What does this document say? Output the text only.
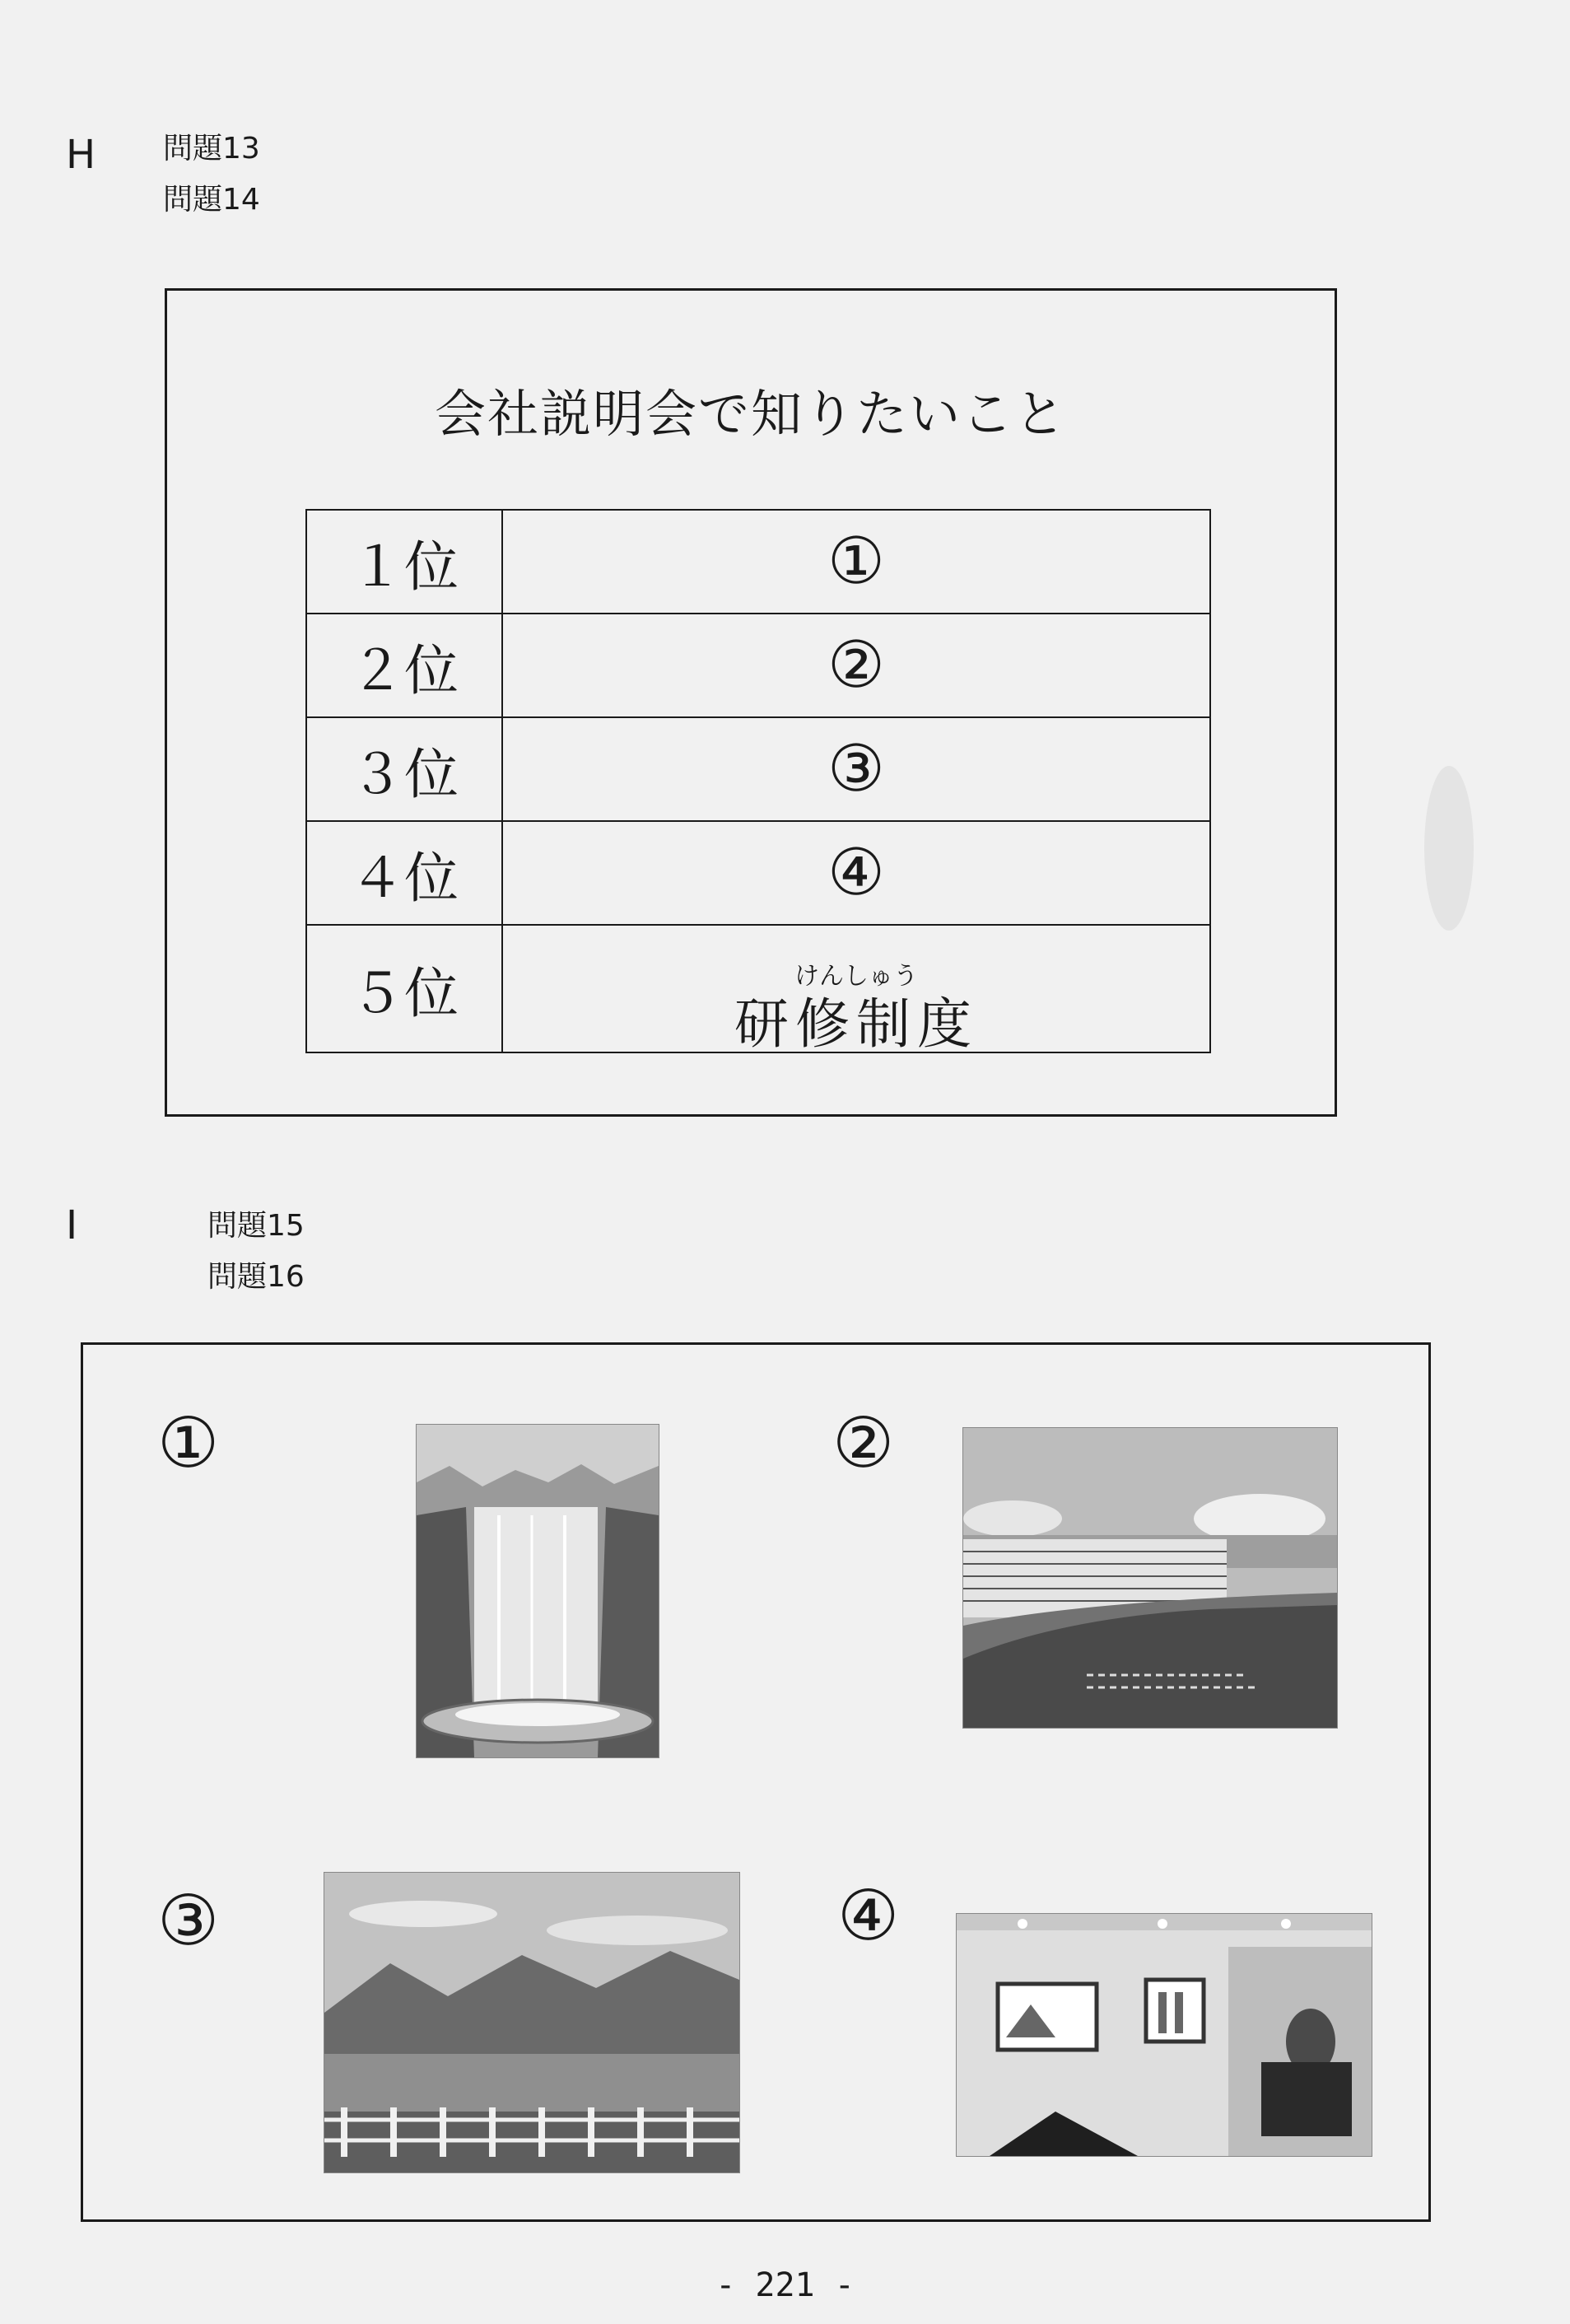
H 問題13
問題14
会社説明会で知りたいこと
１位	①
２位	②
３位	③
４位	④
５位	けんしゅう
研修制度
I	問題15
問題16
①	②
③	④
- 221 -
